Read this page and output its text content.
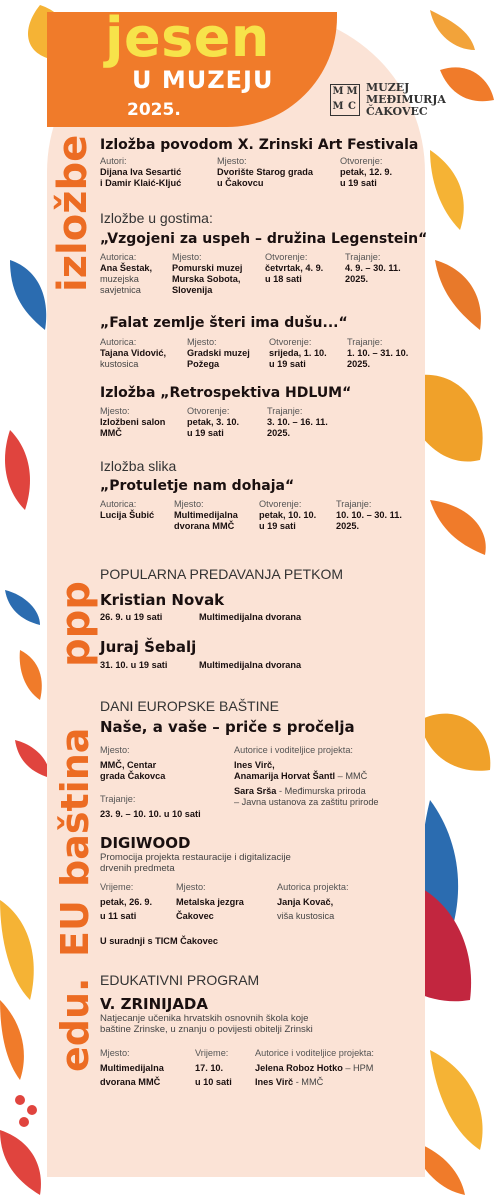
jesen
U MUZEJU
2025.
M M
M C
MUZEJ
MEĐIMURJA
ČAKOVEC
izložbe
ppp
EU baština
edu.
Izložba povodom X. Zrinski Art Festivala
Autori:
Dijana Iva Sesartić
i Damir Klaić-Kljuć
Mjesto:
Dvorište Starog grada
u Čakovcu
Otvorenje:
petak, 12. 9.
u 19 sati
Izložbe u gostima:
„Vzgojeni za uspeh – družina Legenstein“
Autorica:
Ana Šestak,
muzejska
savjetnica
Mjesto:
Pomurski muzej
Murska Sobota,
Slovenija
Otvorenje:
četvrtak, 4. 9.
u 18 sati
Trajanje:
4. 9. – 30. 11.
2025.
„Falat zemlje šteri ima dušu...“
Autorica:
Tajana Vidović,
kustosica
Mjesto:
Gradski muzej
Požega
Otvorenje:
srijeda, 1. 10.
u 19 sati
Trajanje:
1. 10. – 31. 10.
2025.
Izložba „Retrospektiva HDLUM“
Mjesto:
Izložbeni salon
MMČ
Otvorenje:
petak, 3. 10.
u 19 sati
Trajanje:
3. 10. – 16. 11.
2025.
Izložba slika
„Protuletje nam dohaja“
Autorica:
Lucija Šubić
Mjesto:
Multimedijalna
dvorana MMČ
Otvorenje:
petak, 10. 10.
u 19 sati
Trajanje:
10. 10. – 30. 11.
2025.
POPULARNA PREDAVANJA PETKOM
Kristian Novak
26. 9. u 19 sati	Multimedijalna dvorana
Juraj Šebalj
31. 10. u 19 sati	Multimedijalna dvorana
DANI EUROPSKE BAŠTINE
Naše, a vaše – priče s pročelja
Mjesto:
MMČ, Centar
grada Čakovca
Trajanje:
23. 9. – 10. 10. u 10 sati
Autorice i voditeljice projekta:
Ines Virč,
Anamarija Horvat Šantl – MMČ
Sara Srša - Međimurska priroda
– Javna ustanova za zaštitu prirode
DIGIWOOD
Promocija projekta restauracije i digitalizacije
drvenih predmeta
Vrijeme:
petak, 26. 9.
u 11 sati
Mjesto:
Metalska jezgra
Čakovec
Autorica projekta:
Janja Kovač,
viša kustosica
U suradnji s TICM Čakovec
EDUKATIVNI PROGRAM
V. ZRINIJADA
Natjecanje učenika hrvatskih osnovnih škola koje
baštine Zrinske, u znanju o povijesti obitelji Zrinski
Mjesto:
Multimedijalna
dvorana MMČ
Vrijeme:
17. 10.
u 10 sati
Autorice i voditeljice projekta:
Jelena Roboz Hotko – HPM
Ines Virč - MMČ
